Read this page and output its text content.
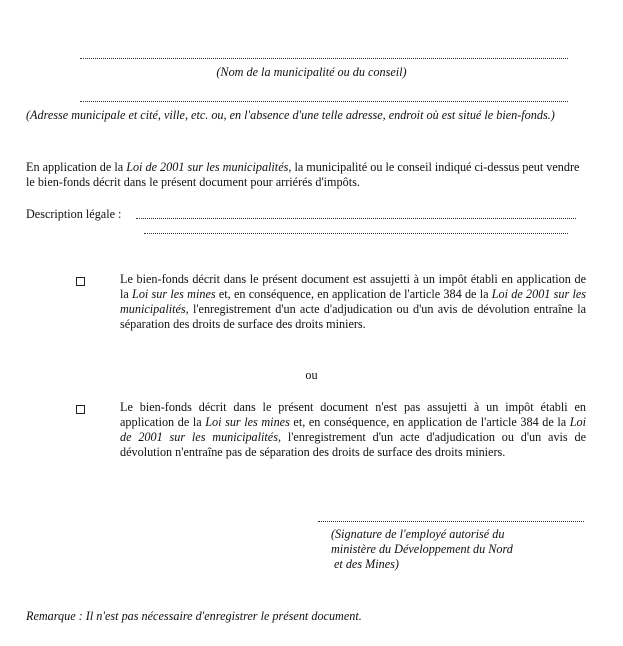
(Nom de la municipalité ou du conseil)
(Adresse municipale et cité, ville, etc. ou, en l'absence d'une telle adresse, endroit où est situé le bien-fonds.)
En application de la Loi de 2001 sur les municipalités, la municipalité ou le conseil indiqué ci-dessus peut vendre le bien-fonds décrit dans le présent document pour arriérés d'impôts.
Description légale :
Le bien-fonds décrit dans le présent document est assujetti à un impôt établi en application de la Loi sur les mines et, en conséquence, en application de l'article 384 de la Loi de 2001 sur les municipalités, l'enregistrement d'un acte d'adjudication ou d'un avis de dévolution entraîne la séparation des droits de surface des droits miniers.
ou
Le bien-fonds décrit dans le présent document n'est pas assujetti à un impôt établi en application de la Loi sur les mines et, en conséquence, en application de l'article 384 de la Loi de 2001 sur les municipalités, l'enregistrement d'un acte d'adjudication ou d'un avis de dévolution n'entraîne pas de séparation des droits de surface des droits miniers.
(Signature de l'employé autorisé du
ministère du Développement du Nord
et des Mines)
Remarque : Il n'est pas nécessaire d'enregistrer le présent document.
